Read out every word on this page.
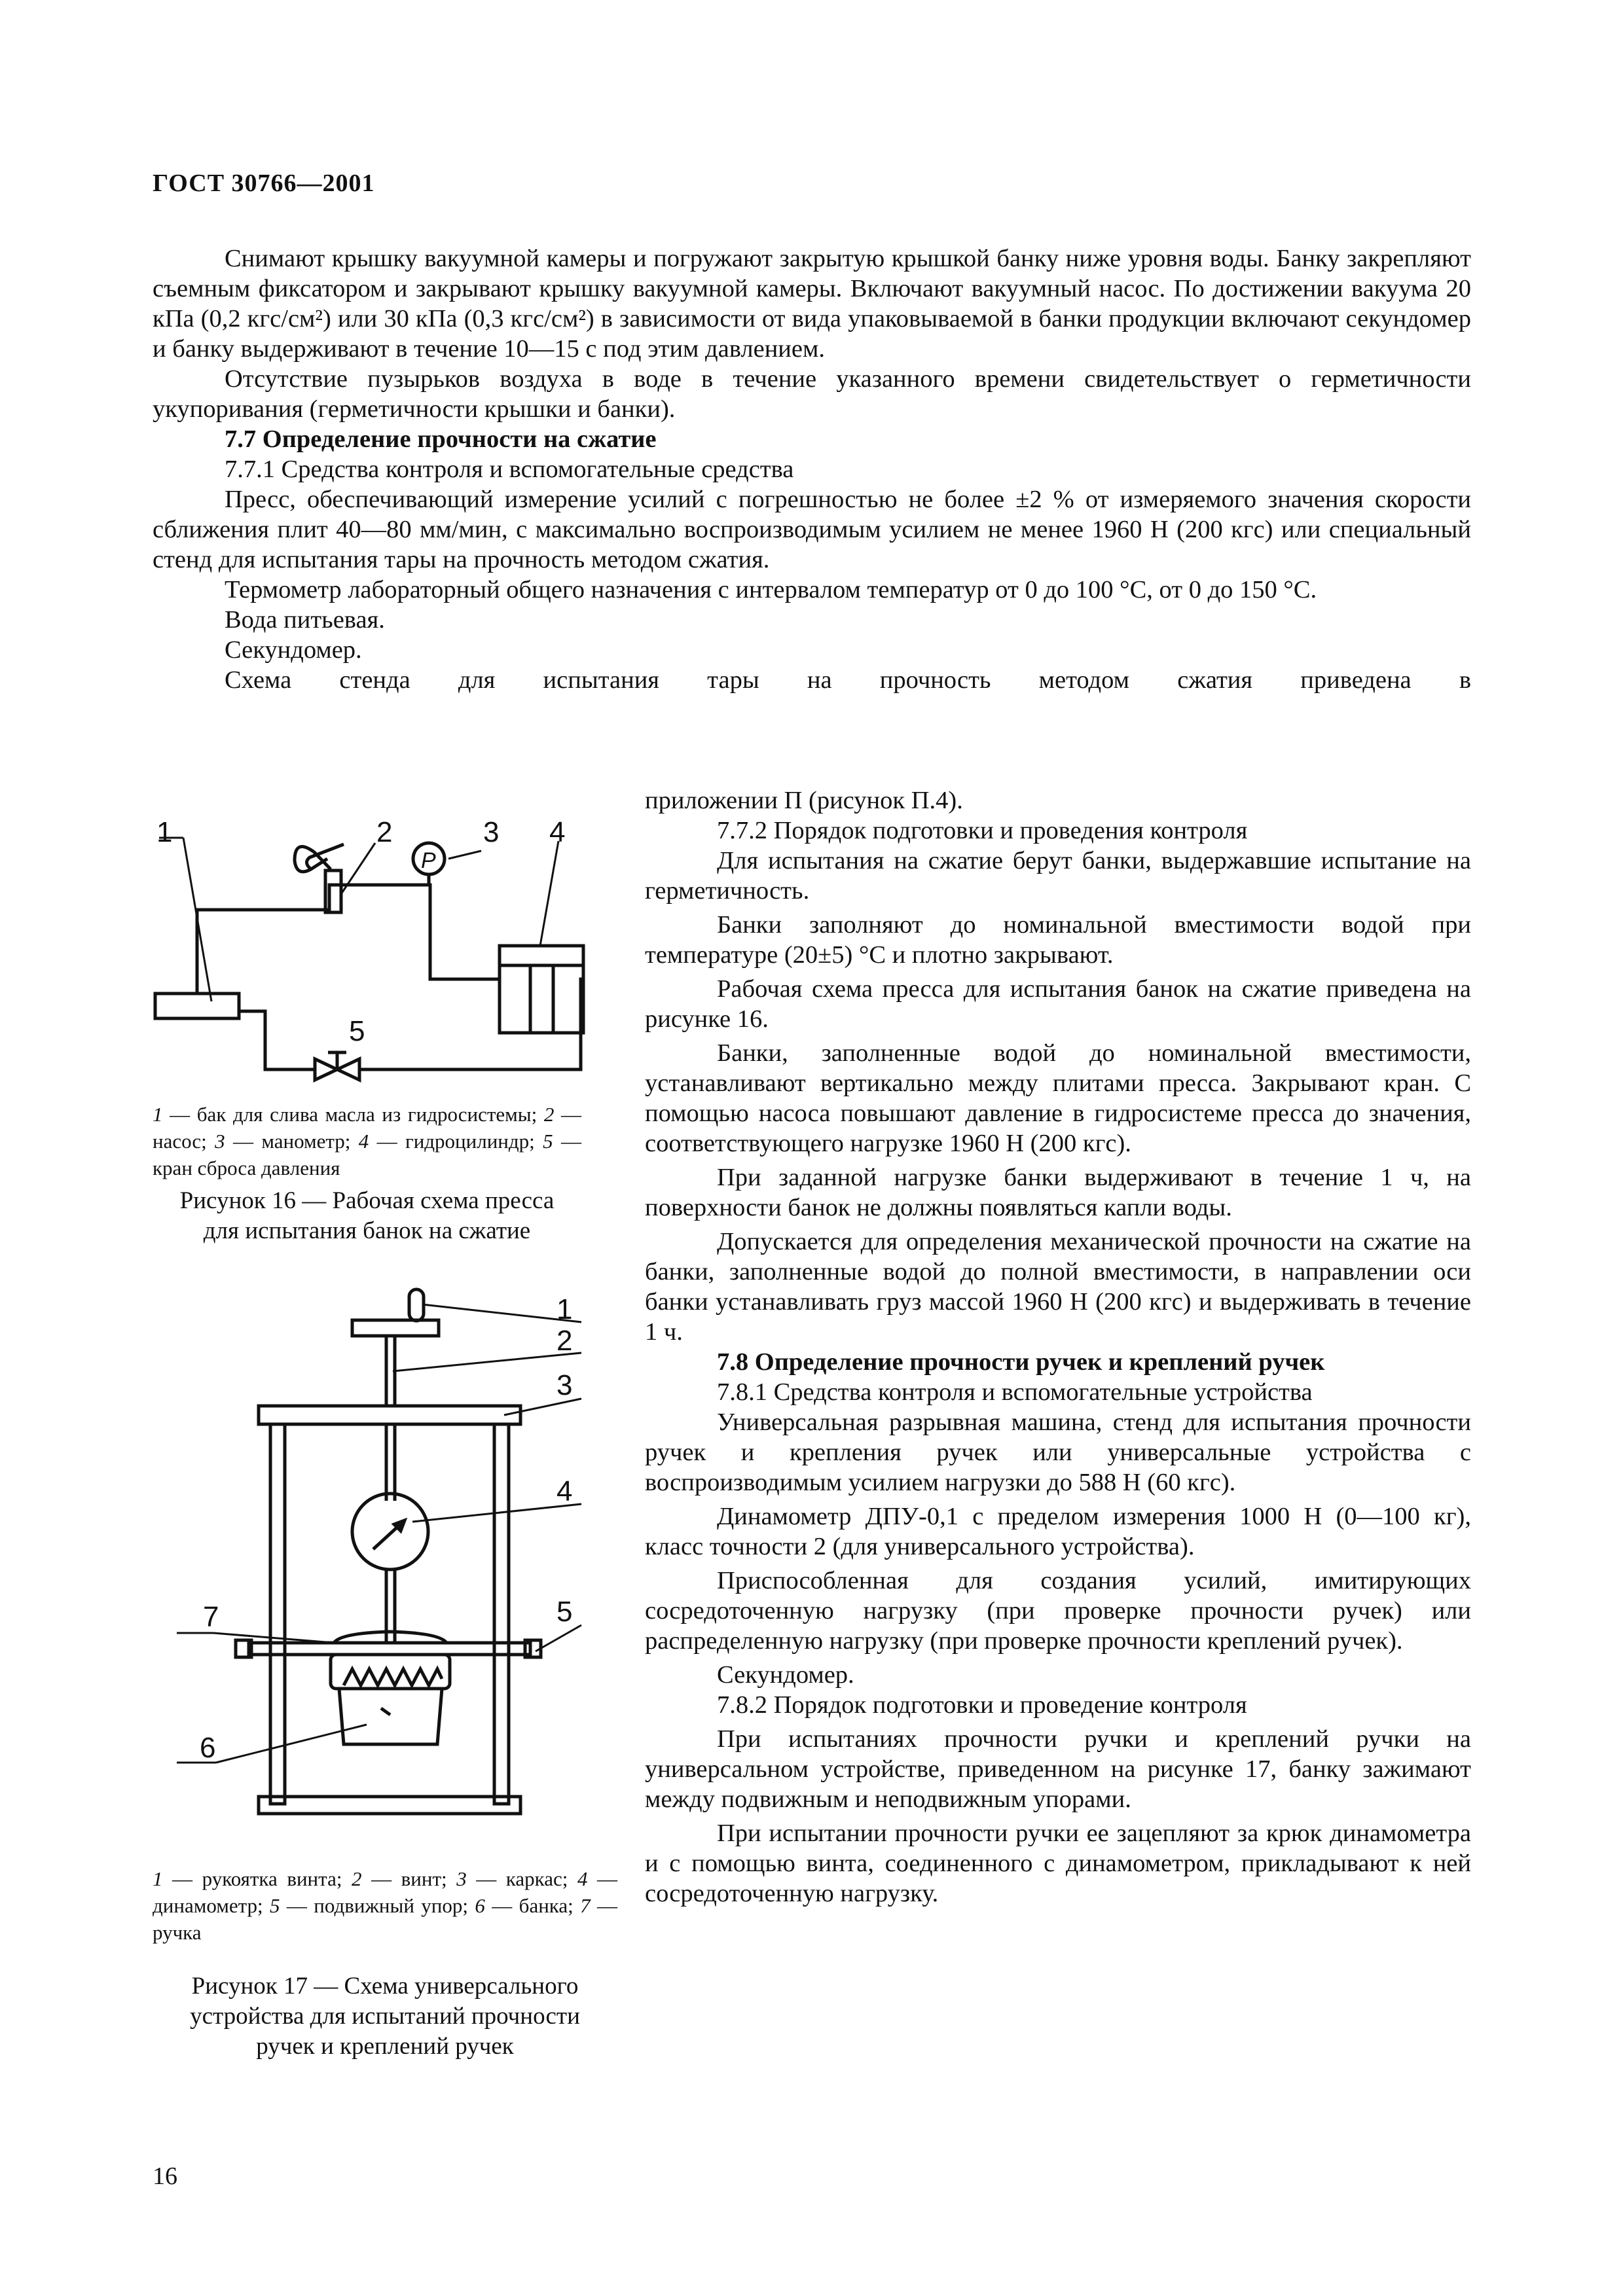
ГОСТ 30766—2001

Снимают крышку вакуумной камеры и погружают закрытую крышкой банку ниже уровня воды. Банку закрепляют съемным фиксатором и закрывают крышку вакуумной камеры. Включают вакуумный насос. По достижении вакуума 20 кПа (0,2 кгс/см²) или 30 кПа (0,3 кгс/см²) в зависимости от вида упаковываемой в банки продукции включают секундомер и банку выдерживают в течение 10—15 с под этим давлением.

Отсутствие пузырьков воздуха в воде в течение указанного времени свидетельствует о герметичности укупоривания (герметичности крышки и банки).

7.7 Определение прочности на сжатие

7.7.1 Средства контроля и вспомогательные средства

Пресс, обеспечивающий измерение усилий с погрешностью не более ±2 % от измеряемого значения скорости сближения плит 40—80 мм/мин, с максимально воспроизводимым усилием не менее 1960 Н (200 кгс) или специальный стенд для испытания тары на прочность методом сжатия.

Термометр лабораторный общего назначения с интервалом температур от 0 до 100 °С, от 0 до 150 °С.

Вода питьевая.

Секундомер.

Схема стенда для испытания тары на прочность методом сжатия приведена в

приложении П (рисунок П.4).

7.7.2 Порядок подготовки и проведения контроля

Для испытания на сжатие берут банки, выдержавшие испытание на герметичность.

Банки заполняют до номинальной вместимости водой при температуре (20±5) °С и плотно закрывают.

Рабочая схема пресса для испытания банок на сжатие приведена на рисунке 16.

Банки, заполненные водой до номинальной вместимости, устанавливают вертикально между плитами пресса. Закрывают кран. С помощью насоса повышают давление в гидросистеме пресса до значения, соответствующего нагрузке 1960 Н (200 кгс).

При заданной нагрузке банки выдерживают в течение 1 ч, на поверхности банок не должны появляться капли воды.

Допускается для определения механической прочности на сжатие на банки, заполненные водой до полной вместимости, в направлении оси банки устанавливать груз массой 1960 Н (200 кгс) и выдерживать в течение 1 ч.

7.8 Определение прочности ручек и креплений ручек

7.8.1 Средства контроля и вспомогательные устройства

Универсальная разрывная машина, стенд для испытания прочности ручек и крепления ручек или универсальные устройства с воспроизводимым усилием нагрузки до 588 Н (60 кгс).

Динамометр ДПУ-0,1 с пределом измерения 1000 Н (0—100 кг), класс точности 2 (для универсального устройства).

Приспособленная для создания усилий, имитирующих сосредоточенную нагрузку (при проверке прочности ручек) или распределенную нагрузку (при проверке прочности креплений ручек).

Секундомер.

7.8.2 Порядок подготовки и проведение контроля

При испытаниях прочности ручки и креплений ручки на универсальном устройстве, приведенном на рисунке 17, банку зажимают между подвижным и неподвижным упорами.

При испытании прочности ручки ее зацепляют за крюк динамометра и с помощью винта, соединенного с динамометром, прикладывают к ней сосредоточенную нагрузку.

1	2	3 4
5
P
1 — бак для слива масла из гидросистемы; 2 — насос; 3 — манометр; 4 — гидроцилиндр; 5 — кран сброса давления
Рисунок 16 — Рабочая схема пресса
для испытания банок на сжатие
1
2
3
4
5
6
7
1 — рукоятка винта; 2 — винт; 3 — каркас; 4 — динамометр; 5 — подвижный упор; 6 — банка; 7 — ручка
Рисунок 17 — Схема универсального
устройства для испытаний прочности
ручек и креплений ручек
16
